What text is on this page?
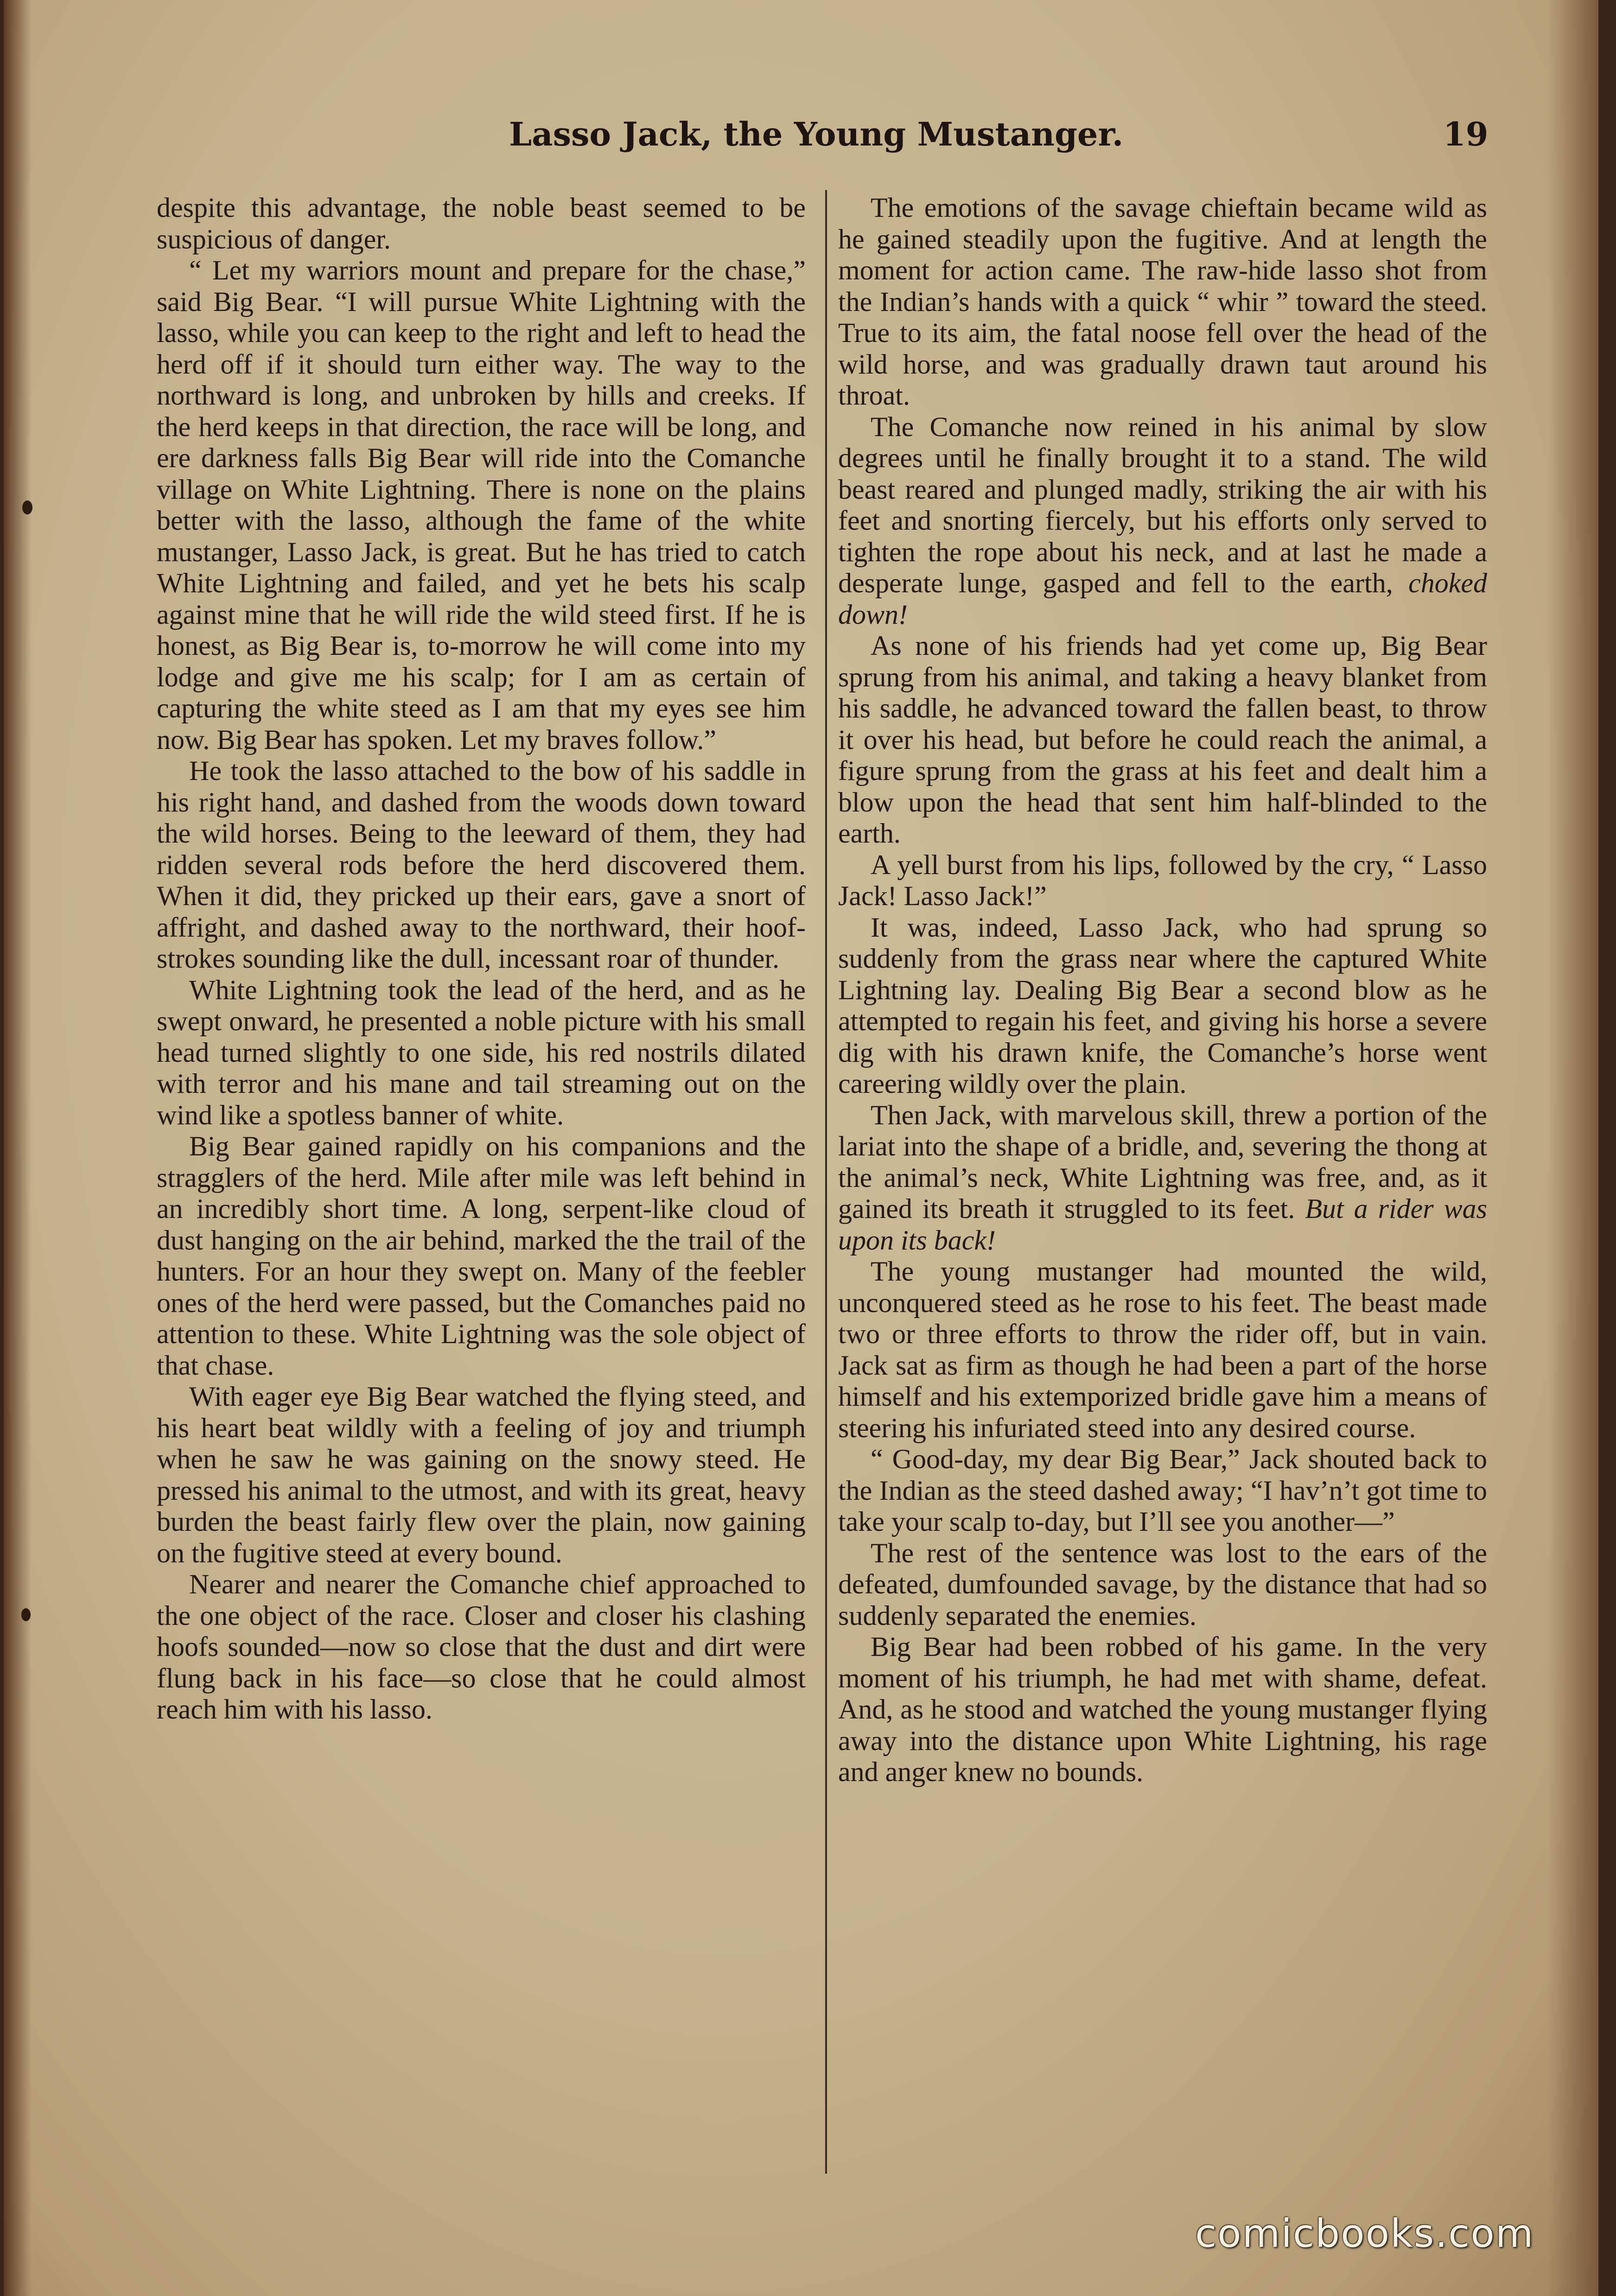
Lasso Jack, the Young Mustanger.	19

despite this advantage, the noble beast seemed to be suspicious of danger.

“ Let my warriors mount and prepare for the chase,” said Big Bear. “I will pursue White Lightning with the lasso, while you can keep to the right and left to head the herd off if it should turn either way. The way to the northward is long, and unbroken by hills and creeks. If the herd keeps in that direction, the race will be long, and ere darkness falls Big Bear will ride into the Comanche village on White Lightning. There is none on the plains better with the lasso, although the fame of the white mustanger, Lasso Jack, is great. But he has tried to catch White Lightning and failed, and yet he bets his scalp against mine that he will ride the wild steed first. If he is honest, as Big Bear is, to-morrow he will come into my lodge and give me his scalp; for I am as certain of capturing the white steed as I am that my eyes see him now. Big Bear has spoken. Let my braves follow.”

He took the lasso attached to the bow of his saddle in his right hand, and dashed from the woods down toward the wild horses. Being to the leeward of them, they had ridden several rods before the herd discovered them. When it did, they pricked up their ears, gave a snort of affright, and dashed away to the northward, their hoof-strokes sounding like the dull, incessant roar of thunder.

White Lightning took the lead of the herd, and as he swept onward, he presented a noble picture with his small head turned slightly to one side, his red nostrils dilated with terror and his mane and tail streaming out on the wind like a spotless banner of white.

Big Bear gained rapidly on his companions and the stragglers of the herd. Mile after mile was left behind in an incredibly short time. A long, serpent-like cloud of dust hanging on the air behind, marked the the trail of the hunters. For an hour they swept on. Many of the feebler ones of the herd were passed, but the Comanches paid no attention to these. White Lightning was the sole object of that chase.

With eager eye Big Bear watched the flying steed, and his heart beat wildly with a feeling of joy and triumph when he saw he was gaining on the snowy steed. He pressed his animal to the utmost, and with its great, heavy burden the beast fairly flew over the plain, now gaining on the fugitive steed at every bound.

Nearer and nearer the Comanche chief approached to the one object of the race. Closer and closer his clashing hoofs sounded—now so close that the dust and dirt were flung back in his face—so close that he could almost reach him with his lasso.

The emotions of the savage chieftain became wild as he gained steadily upon the fugitive. And at length the moment for action came. The raw-hide lasso shot from the Indian’s hands with a quick “ whir ” toward the steed. True to its aim, the fatal noose fell over the head of the wild horse, and was gradually drawn taut around his throat.

The Comanche now reined in his animal by slow degrees until he finally brought it to a stand. The wild beast reared and plunged madly, striking the air with his feet and snorting fiercely, but his efforts only served to tighten the rope about his neck, and at last he made a desperate lunge, gasped and fell to the earth, choked down!

As none of his friends had yet come up, Big Bear sprung from his animal, and taking a heavy blanket from his saddle, he advanced toward the fallen beast, to throw it over his head, but before he could reach the animal, a figure sprung from the grass at his feet and dealt him a blow upon the head that sent him half-blinded to the earth.

A yell burst from his lips, followed by the cry, “ Lasso Jack! Lasso Jack!”

It was, indeed, Lasso Jack, who had sprung so suddenly from the grass near where the captured White Lightning lay. Dealing Big Bear a second blow as he attempted to regain his feet, and giving his horse a severe dig with his drawn knife, the Comanche’s horse went careering wildly over the plain.

Then Jack, with marvelous skill, threw a portion of the lariat into the shape of a bridle, and, severing the thong at the animal’s neck, White Lightning was free, and, as it gained its breath it struggled to its feet. But a rider was upon its back!

The young mustanger had mounted the wild, unconquered steed as he rose to his feet. The beast made two or three efforts to throw the rider off, but in vain. Jack sat as firm as though he had been a part of the horse himself and his extemporized bridle gave him a means of steering his infuriated steed into any desired course.

“ Good-day, my dear Big Bear,” Jack shouted back to the Indian as the steed dashed away; “I hav’n’t got time to take your scalp to-day, but I’ll see you another—”

The rest of the sentence was lost to the ears of the defeated, dumfounded savage, by the distance that had so suddenly separated the enemies.

Big Bear had been robbed of his game. In the very moment of his triumph, he had met with shame, defeat. And, as he stood and watched the young mustanger flying away into the distance upon White Lightning, his rage and anger knew no bounds.

comicbooks.com
